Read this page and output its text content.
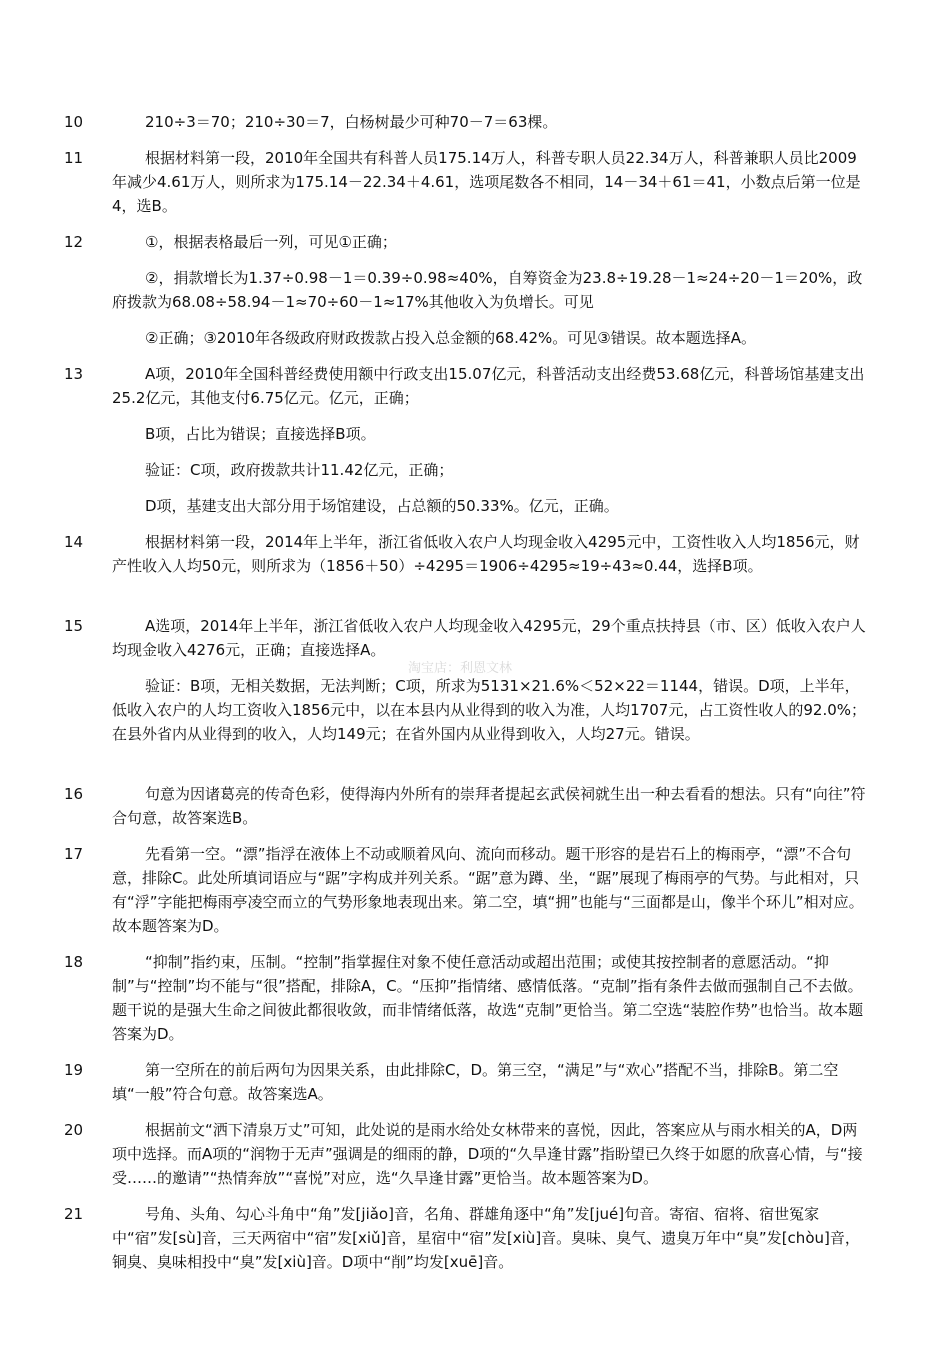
10	210÷3＝70；210÷30＝7，白杨树最少可种70－7＝63棵。
11	根据材料第一段，2010年全国共有科普人员175.14万人，科普专职人员22.34万人，科普兼职人员比2009年减少4.61万人，则所求为175.14－22.34＋4.61，选项尾数各不相同，14－34＋61＝41，小数点后第一位是4，选B。
12	①，根据表格最后一列，可见①正确；
②，捐款增长为1.37÷0.98－1＝0.39÷0.98≈40%，自筹资金为23.8÷19.28－1≈24÷20－1＝20%，政府拨款为68.08÷58.94－1≈70÷60－1≈17%其他收入为负增长。可见
②正确；③2010年各级政府财政拨款占投入总金额的68.42%。可见③错误。故本题选择A。
13	A项，2010年全国科普经费使用额中行政支出15.07亿元，科普活动支出经费53.68亿元，科普场馆基建支出25.2亿元，其他支付6.75亿元。亿元，正确；
B项，占比为错误；直接选择B项。
验证：C项，政府拨款共计11.42亿元，正确；
D项，基建支出大部分用于场馆建设，占总额的50.33%。亿元，正确。
14	根据材料第一段，2014年上半年，浙江省低收入农户人均现金收入4295元中，工资性收入人均1856元，财产性收入人均50元，则所求为（1856＋50）÷4295＝1906÷4295≈19÷43≈0.44，选择B项。
15	A选项，2014年上半年，浙江省低收入农户人均现金收入4295元，29个重点扶持县（市、区）低收入农户人均现金收入4276元，正确；直接选择A。
验证：B项，无相关数据，无法判断；C项，所求为5131×21.6%＜52×22＝1144，错误。D项，上半年，低收入农户的人均工资收入1856元中，以在本县内从业得到的收入为准，人均1707元，占工资性收人的92.0%；在县外省内从业得到的收入，人均149元；在省外国内从业得到收入，人均27元。错误。
16	句意为因诸葛亮的传奇色彩，使得海内外所有的崇拜者提起玄武侯祠就生出一种去看看的想法。只有“向往”符合句意，故答案选B。
17	先看第一空。“漂”指浮在液体上不动或顺着风向、流向而移动。题干形容的是岩石上的梅雨亭，“漂”不合句意，排除C。此处所填词语应与“踞”字构成并列关系。“踞”意为蹲、坐，“踞”展现了梅雨亭的气势。与此相对，只有“浮”字能把梅雨亭凌空而立的气势形象地表现出来。第二空，填“拥”也能与“三面都是山，像半个环儿”相对应。故本题答案为D。
18	“抑制”指约束，压制。“控制”指掌握住对象不使任意活动或超出范围；或使其按控制者的意愿活动。“抑制”与“控制”均不能与“很”搭配，排除A，C。“压抑”指情绪、感情低落。“克制”指有条件去做而强制自己不去做。题干说的是强大生命之间彼此都很收敛，而非情绪低落，故选“克制”更恰当。第二空选“装腔作势”也恰当。故本题答案为D。
19	第一空所在的前后两句为因果关系，由此排除C，D。第三空，“满足”与“欢心”搭配不当，排除B。第二空填“一般”符合句意。故答案选A。
20	根据前文“洒下清泉万丈”可知，此处说的是雨水给处女林带来的喜悦，因此，答案应从与雨水相关的A，D两项中选择。而A项的“润物于无声”强调是的细雨的静，D项的“久旱逢甘露”指盼望已久终于如愿的欣喜心情，与“接受……的邀请”“热情奔放”“喜悦”对应，选“久旱逢甘露”更恰当。故本题答案为D。
21	号角、头角、勾心斗角中“角”发[jiǎo]音，名角、群雄角逐中“角”发[jué]句音。寄宿、宿将、宿世冤家中“宿”发[sù]音，三天两宿中“宿”发[xiǔ]音，星宿中“宿”发[xiù]音。臭味、臭气、遗臭万年中“臭”发[chòu]音，铜臭、臭味相投中“臭”发[xiù]音。D项中“削”均发[xuē]音。
淘宝店：利恩文林
